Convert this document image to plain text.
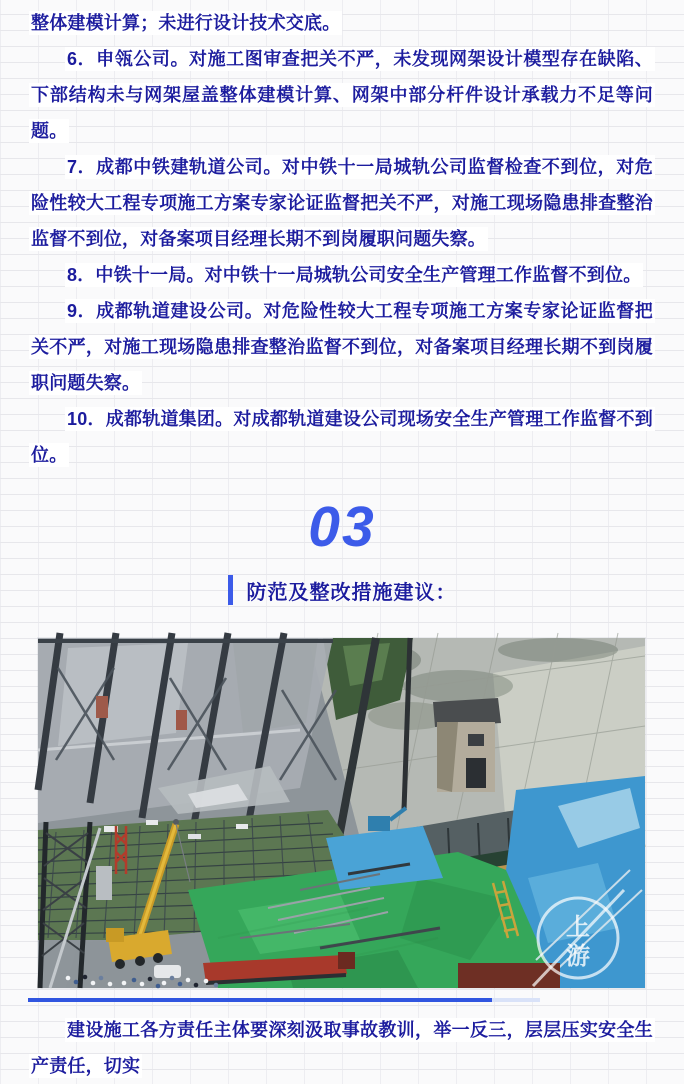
整体建模计算；未进行设计技术交底。

6．申瓴公司。对施工图审查把关不严，未发现网架设计模型存在缺陷、下部结构未与网架屋盖整体建模计算、网架中部分杆件设计承载力不足等问题。

7．成都中铁建轨道公司。对中铁十一局城轨公司监督检查不到位，对危险性较大工程专项施工方案专家论证监督把关不严，对施工现场隐患排查整治监督不到位，对备案项目经理长期不到岗履职问题失察。

8．中铁十一局。对中铁十一局城轨公司安全生产管理工作监督不到位。

9．成都轨道建设公司。对危险性较大工程专项施工方案专家论证监督把关不严，对施工现场隐患排查整治监督不到位，对备案项目经理长期不到岗履职问题失察。

10．成都轨道集团。对成都轨道建设公司现场安全生产管理工作监督不到位。

03
防范及整改措施建议：
上
游

建设施工各方责任主体要深刻汲取事故教训，举一反三，层层压实安全生产责任，切实
